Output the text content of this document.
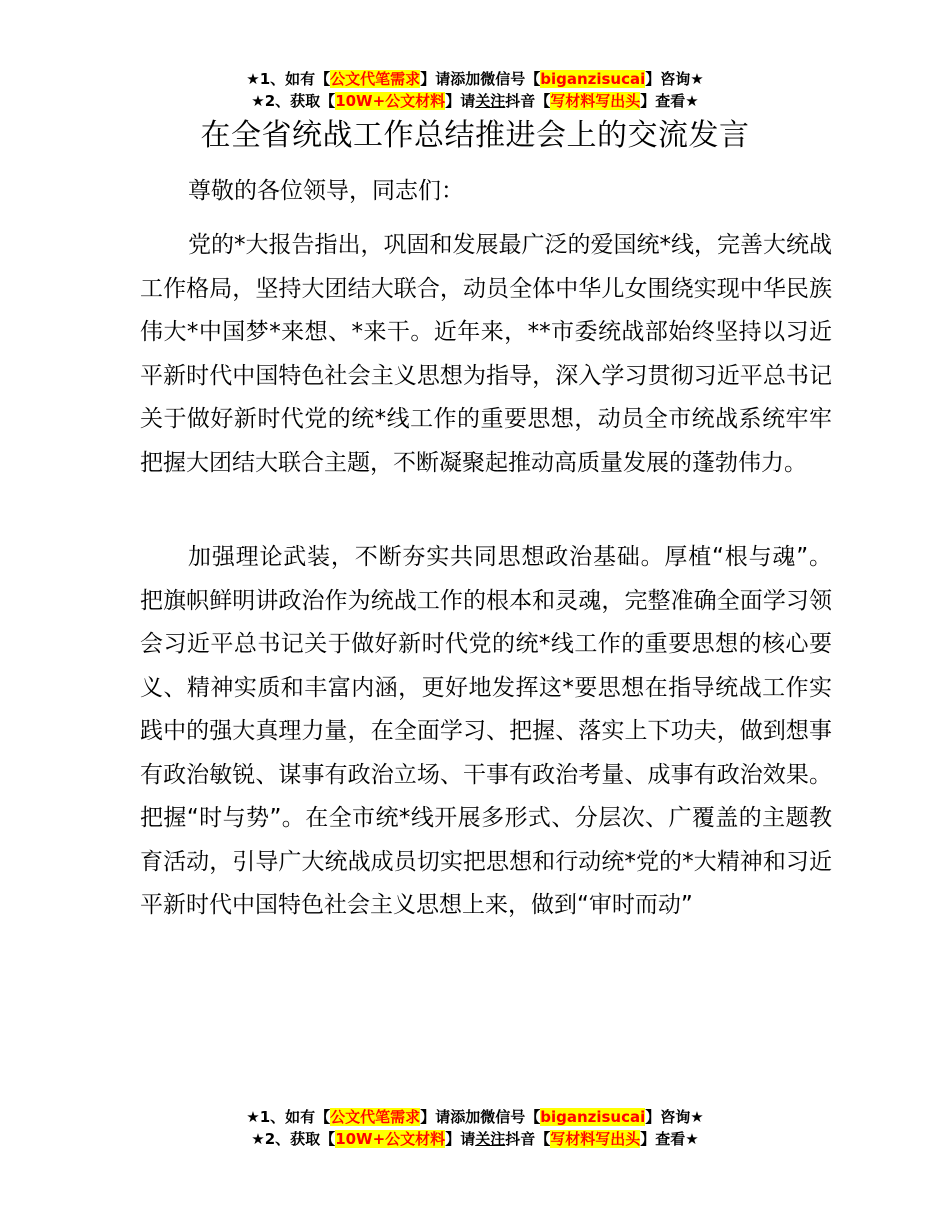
★1、如有【公文代笔需求】请添加微信号【biganzisucai】咨询★
★2、获取【10W+公文材料】请关注抖音【写材料写出头】查看★
在全省统战工作总结推进会上的交流发言

尊敬的各位领导，同志们：

党的*大报告指出，巩固和发展最广泛的爱国统*线，完善大统战工作格局，坚持大团结大联合，动员全体中华儿女围绕实现中华民族伟大*中国梦*来想、*来干。近年来，**市委统战部始终坚持以习近平新时代中国特色社会主义思想为指导，深入学习贯彻习近平总书记关于做好新时代党的统*线工作的重要思想，动员全市统战系统牢牢把握大团结大联合主题，不断凝聚起推动高质量发展的蓬勃伟力。

加强理论武装，不断夯实共同思想政治基础。厚植“根与魂”。把旗帜鲜明讲政治作为统战工作的根本和灵魂，完整准确全面学习领会习近平总书记关于做好新时代党的统*线工作的重要思想的核心要义、精神实质和丰富内涵，更好地发挥这*要思想在指导统战工作实践中的强大真理力量，在全面学习、把握、落实上下功夫，做到想事有政治敏锐、谋事有政治立场、干事有政治考量、成事有政治效果。把握“时与势”。在全市统*线开展多形式、分层次、广覆盖的主题教育活动，引导广大统战成员切实把思想和行动统*党的*大精神和习近平新时代中国特色社会主义思想上来，做到“审时而动”

★1、如有【公文代笔需求】请添加微信号【biganzisucai】咨询★
★2、获取【10W+公文材料】请关注抖音【写材料写出头】查看★
